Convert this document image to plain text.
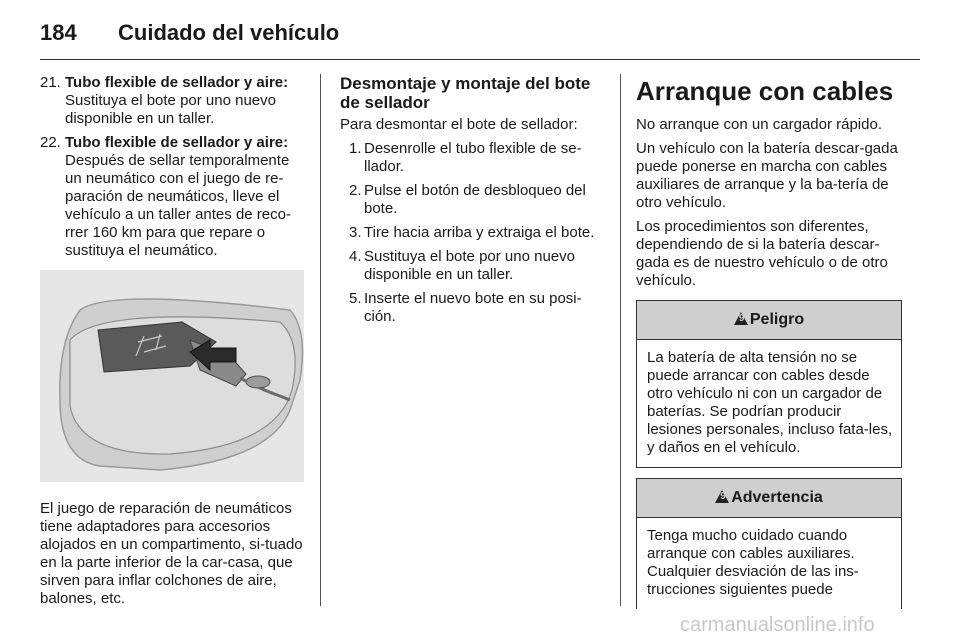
184 Cuidado del vehículo
21. Tubo flexible de sellador y aire:
Sustituya el bote por uno nuevo disponible en un taller.
22. Tubo flexible de sellador y aire:
Después de sellar temporalmente un neumático con el juego de re-paración de neumáticos, lleve el vehículo a un taller antes de reco-rrer 160 km para que repare o sustituya el neumático.
El juego de reparación de neumáticos tiene adaptadores para accesorios alojados en un compartimento, si-tuado en la parte inferior de la car-casa, que sirven para inflar colchones de aire, balones, etc.
Desmontaje y montaje del bote de sellador
Para desmontar el bote de sellador:
1. Desenrolle el tubo flexible de se-llador.
2. Pulse el botón de desbloqueo del bote.
3. Tire hacia arriba y extraiga el bote.
4. Sustituya el bote por uno nuevo disponible en un taller.
5. Inserte el nuevo bote en su posi-ción.
Arranque con cables

No arranque con un cargador rápido.

Un vehículo con la batería descar-gada puede ponerse en marcha con cables auxiliares de arranque y la ba-tería de otro vehículo.

Los procedimientos son diferentes, dependiendo de si la batería descar-gada es de nuestro vehículo o de otro vehículo.

9 Peligro
La batería de alta tensión no se puede arrancar con cables desde otro vehículo ni con un cargador de baterías. Se podrían producir lesiones personales, incluso fata-les, y daños en el vehículo.
9 Advertencia
Tenga mucho cuidado cuando arranque con cables auxiliares. Cualquier desviación de las ins-trucciones siguientes puede
carmanualsonline.info
